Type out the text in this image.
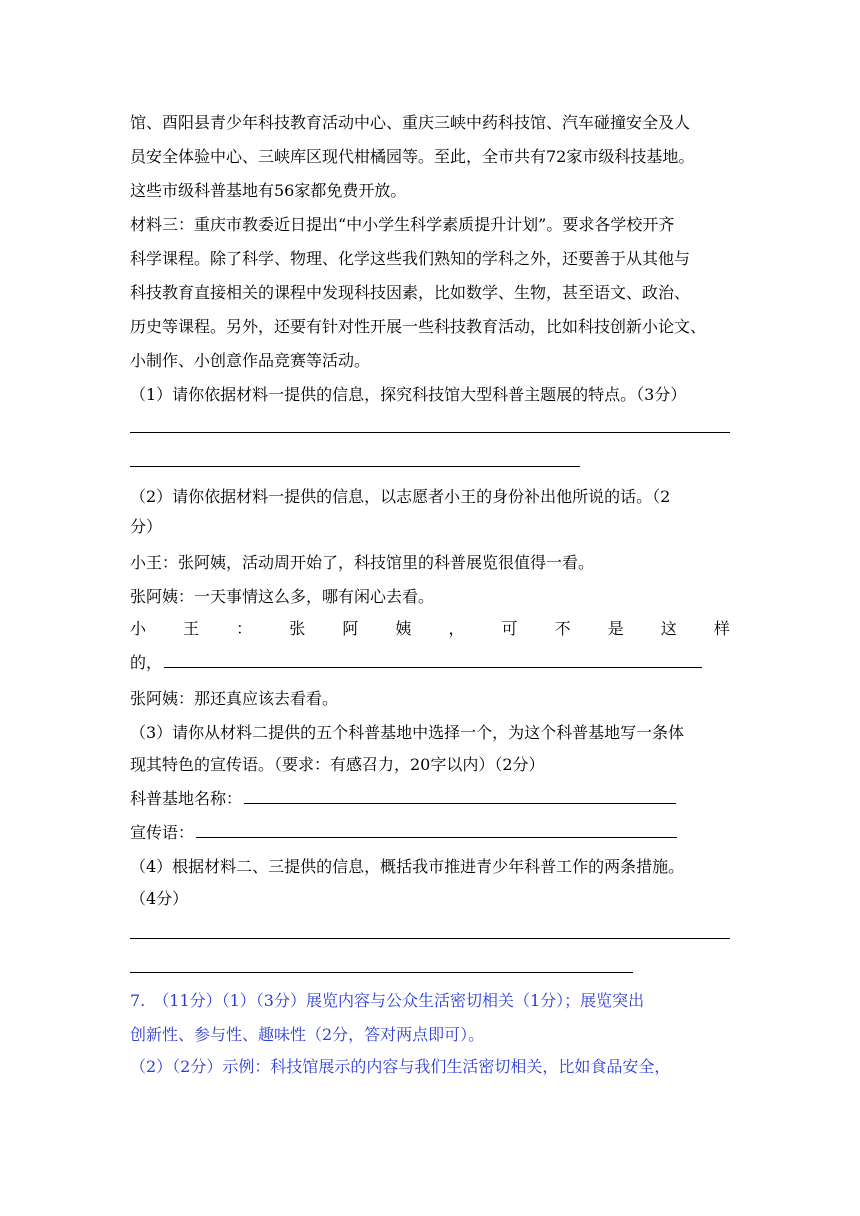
馆、酉阳县青少年科技教育活动中心、重庆三峡中药科技馆、汽车碰撞安全及人
员安全体验中心、三峡库区现代柑橘园等。至此，全市共有72家市级科技基地。
这些市级科普基地有56家都免费开放。
材料三：重庆市教委近日提出“中小学生科学素质提升计划”。要求各学校开齐
科学课程。除了科学、物理、化学这些我们熟知的学科之外，还要善于从其他与
科技教育直接相关的课程中发现科技因素，比如数学、生物，甚至语文、政治、
历史等课程。另外，还要有针对性开展一些科技教育活动，比如科技创新小论文、
小制作、小创意作品竞赛等活动。
（1）请你依据材料一提供的信息，探究科技馆大型科普主题展的特点。（3分）
（2）请你依据材料一提供的信息，以志愿者小王的身份补出他所说的话。（2
分）
小王：张阿姨，活动周开始了，科技馆里的科普展览很值得一看。
张阿姨：一天事情这么多，哪有闲心去看。
小 王 ： 张 阿 姨 ， 可 不 是 这 样
的，
张阿姨：那还真应该去看看。
（3）请你从材料二提供的五个科普基地中选择一个，为这个科普基地写一条体
现其特色的宣传语。（要求：有感召力，20字以内）（2分）
科普基地名称：
宣传语：
（4）根据材料二、三提供的信息，概括我市推进青少年科普工作的两条措施。
（4分）
7.　（11分）（1）（3分）展览内容与公众生活密切相关（1分）；展览突出
创新性、参与性、趣味性（2分，答对两点即可）。
（2）（2分）示例：科技馆展示的内容与我们生活密切相关，比如食品安全，
